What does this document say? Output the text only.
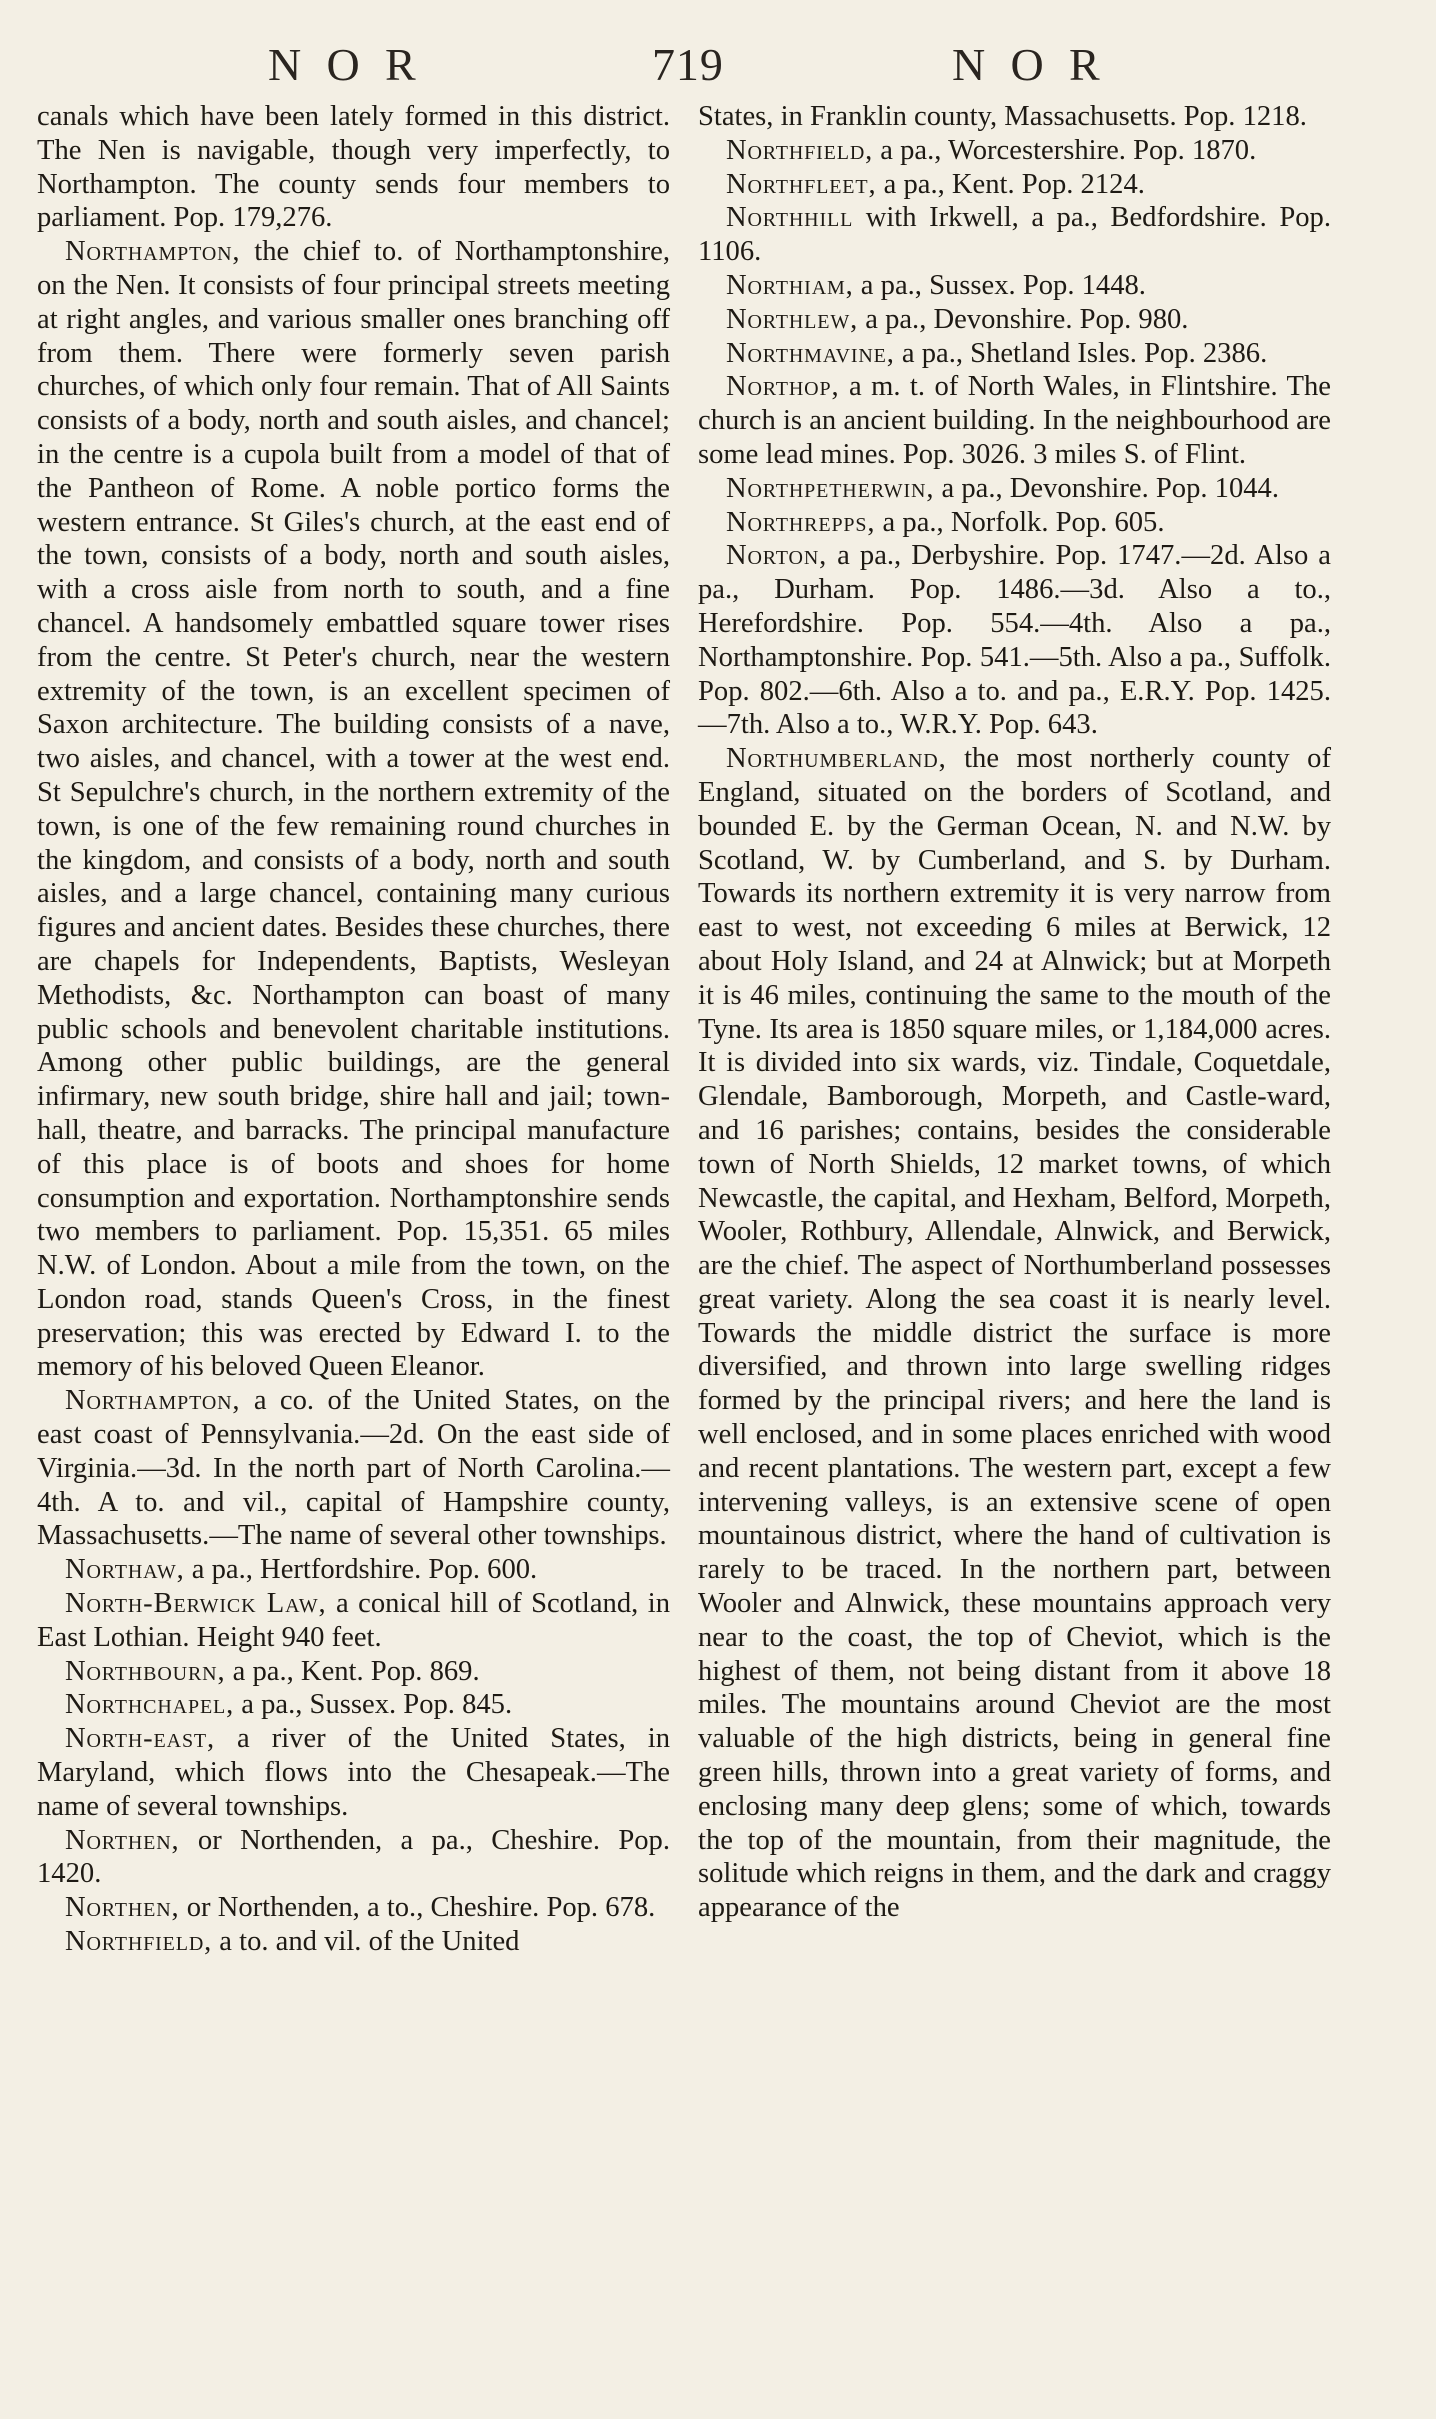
NOR	719	NOR

canals which have been lately formed in this district. The Nen is navigable, though very imperfectly, to Northampton. The county sends four members to parliament. Pop. 179,276.

Northampton, the chief to. of Northamptonshire, on the Nen. It consists of four principal streets meeting at right angles, and various smaller ones branching off from them. There were formerly seven parish churches, of which only four remain. That of All Saints consists of a body, north and south aisles, and chancel; in the centre is a cupola built from a model of that of the Pantheon of Rome. A noble portico forms the western entrance. St Giles's church, at the east end of the town, consists of a body, north and south aisles, with a cross aisle from north to south, and a fine chancel. A handsomely embattled square tower rises from the centre. St Peter's church, near the western extremity of the town, is an excellent specimen of Saxon architecture. The building consists of a nave, two aisles, and chancel, with a tower at the west end. St Sepulchre's church, in the northern extremity of the town, is one of the few remaining round churches in the kingdom, and consists of a body, north and south aisles, and a large chancel, containing many curious figures and ancient dates. Besides these churches, there are chapels for Independents, Baptists, Wesleyan Methodists, &c. Northampton can boast of many public schools and benevolent charitable institutions. Among other public buildings, are the general infirmary, new south bridge, shire hall and jail; town-hall, theatre, and barracks. The principal manufacture of this place is of boots and shoes for home consumption and exportation. Northamptonshire sends two members to parliament. Pop. 15,351. 65 miles N.W. of London. About a mile from the town, on the London road, stands Queen's Cross, in the finest preservation; this was erected by Edward I. to the memory of his beloved Queen Eleanor.

Northampton, a co. of the United States, on the east coast of Pennsylvania.—2d. On the east side of Virginia.—3d. In the north part of North Carolina.—4th. A to. and vil., capital of Hampshire county, Massachusetts.—The name of several other townships.

Northaw, a pa., Hertfordshire. Pop. 600.

North-Berwick Law, a conical hill of Scotland, in East Lothian. Height 940 feet.

Northbourn, a pa., Kent. Pop. 869.

Northchapel, a pa., Sussex. Pop. 845.

North-east, a river of the United States, in Maryland, which flows into the Chesapeak.—The name of several townships.

Northen, or Northenden, a pa., Cheshire. Pop. 1420.

Northen, or Northenden, a to., Cheshire. Pop. 678.

Northfield, a to. and vil. of the United

States, in Franklin county, Massachusetts. Pop. 1218.

Northfield, a pa., Worcestershire. Pop. 1870.

Northfleet, a pa., Kent. Pop. 2124.

Northhill with Irkwell, a pa., Bedfordshire. Pop. 1106.

Northiam, a pa., Sussex. Pop. 1448.

Northlew, a pa., Devonshire. Pop. 980.

Northmavine, a pa., Shetland Isles. Pop. 2386.

Northop, a m. t. of North Wales, in Flintshire. The church is an ancient building. In the neighbourhood are some lead mines. Pop. 3026. 3 miles S. of Flint.

Northpetherwin, a pa., Devonshire. Pop. 1044.

Northrepps, a pa., Norfolk. Pop. 605.

Norton, a pa., Derbyshire. Pop. 1747.—2d. Also a pa., Durham. Pop. 1486.—3d. Also a to., Herefordshire. Pop. 554.—4th. Also a pa., Northamptonshire. Pop. 541.—5th. Also a pa., Suffolk. Pop. 802.—6th. Also a to. and pa., E.R.Y. Pop. 1425.—7th. Also a to., W.R.Y. Pop. 643.

Northumberland, the most northerly county of England, situated on the borders of Scotland, and bounded E. by the German Ocean, N. and N.W. by Scotland, W. by Cumberland, and S. by Durham. Towards its northern extremity it is very narrow from east to west, not exceeding 6 miles at Berwick, 12 about Holy Island, and 24 at Alnwick; but at Morpeth it is 46 miles, continuing the same to the mouth of the Tyne. Its area is 1850 square miles, or 1,184,000 acres. It is divided into six wards, viz. Tindale, Coquetdale, Glendale, Bamborough, Morpeth, and Castle-ward, and 16 parishes; contains, besides the considerable town of North Shields, 12 market towns, of which Newcastle, the capital, and Hexham, Belford, Morpeth, Wooler, Rothbury, Allendale, Alnwick, and Berwick, are the chief. The aspect of Northumberland possesses great variety. Along the sea coast it is nearly level. Towards the middle district the surface is more diversified, and thrown into large swelling ridges formed by the principal rivers; and here the land is well enclosed, and in some places enriched with wood and recent plantations. The western part, except a few intervening valleys, is an extensive scene of open mountainous district, where the hand of cultivation is rarely to be traced. In the northern part, between Wooler and Alnwick, these mountains approach very near to the coast, the top of Cheviot, which is the highest of them, not being distant from it above 18 miles. The mountains around Cheviot are the most valuable of the high districts, being in general fine green hills, thrown into a great variety of forms, and enclosing many deep glens; some of which, towards the top of the mountain, from their magnitude, the solitude which reigns in them, and the dark and craggy appearance of the
